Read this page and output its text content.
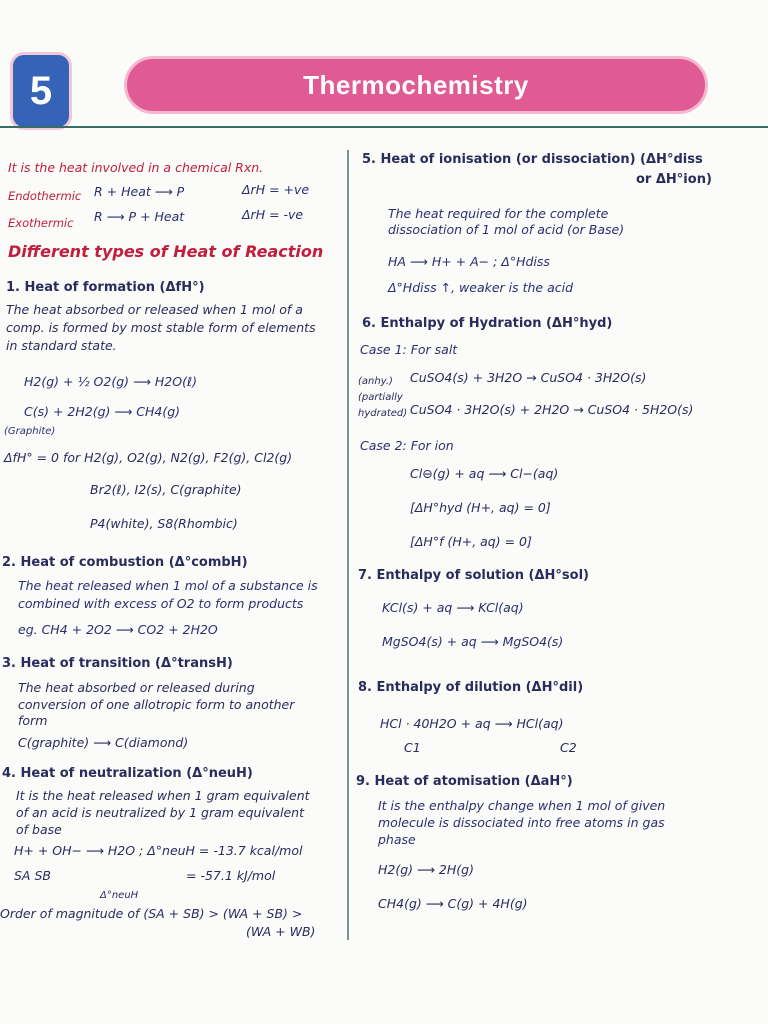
5	Thermochemistry
It is the heat involved in a chemical Rxn.
Endothermic R + Heat ⟶ P	ΔrH = +ve
Exothermic R ⟶ P + Heat	ΔrH = -ve
Different types of Heat of Reaction
1. Heat of formation (ΔfH°)
The heat absorbed or released when 1 mol of a
comp. is formed by most stable form of elements
in standard state.
H2(g) + ½ O2(g) ⟶ H2O(ℓ)
C(s) + 2H2(g) ⟶ CH4(g)
(Graphite)
ΔfH° = 0 for H2(g), O2(g), N2(g), F2(g), Cl2(g)
Br2(ℓ), I2(s), C(graphite)
P4(white), S8(Rhombic)
2. Heat of combustion (Δ°combH)
The heat released when 1 mol of a substance is
combined with excess of O2 to form products
eg. CH4 + 2O2 ⟶ CO2 + 2H2O
3. Heat of transition (Δ°transH)
The heat absorbed or released during
conversion of one allotropic form to another
form
C(graphite) ⟶ C(diamond)
4. Heat of neutralization (Δ°neuH)
It is the heat released when 1 gram equivalent
of an acid is neutralized by 1 gram equivalent
of base
H+ + OH− ⟶ H2O ; Δ°neuH = -13.7 kcal/mol
SA SB	= -57.1 kJ/mol
Δ°neuH
Order of magnitude of (SA + SB) > (WA + SB) >
(WA + WB)
5. Heat of ionisation (or dissociation) (ΔH°diss
or ΔH°ion)
The heat required for the complete
dissociation of 1 mol of acid (or Base)
HA ⟶ H+ + A− ; Δ°Hdiss
Δ°Hdiss ↑, weaker is the acid
6. Enthalpy of Hydration (ΔH°hyd)
Case 1: For salt
(anhy.) CuSO4(s) + 3H2O → CuSO4 · 3H2O(s)
(partially
hydrated) CuSO4 · 3H2O(s) + 2H2O → CuSO4 · 5H2O(s)
Case 2: For ion
Cl⊖(g) + aq ⟶ Cl−(aq)
[ΔH°hyd (H+, aq) = 0]
[ΔH°f (H+, aq) = 0]
7. Enthalpy of solution (ΔH°sol)
KCl(s) + aq ⟶ KCl(aq)
MgSO4(s) + aq ⟶ MgSO4(s)
8. Enthalpy of dilution (ΔH°dil)
HCl · 40H2O + aq ⟶ HCl(aq)
C1	C2
9. Heat of atomisation (ΔaH°)
It is the enthalpy change when 1 mol of given
molecule is dissociated into free atoms in gas
phase
H2(g) ⟶ 2H(g)
CH4(g) ⟶ C(g) + 4H(g)
